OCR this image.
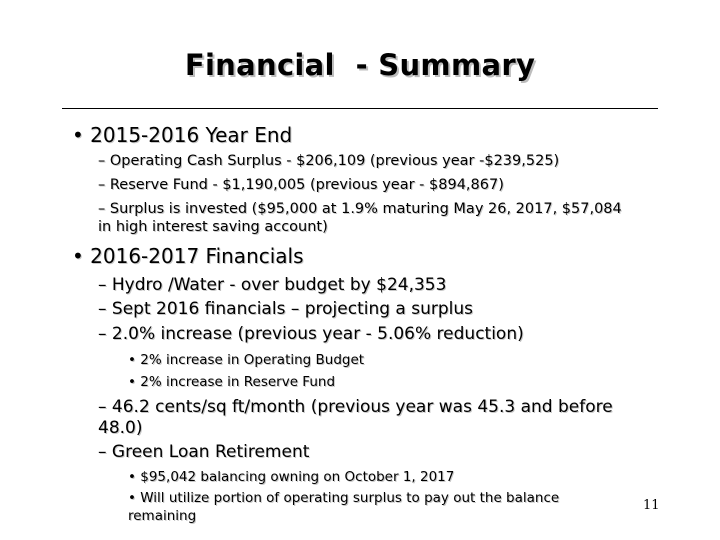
Financial  - Summary
• 2015-2016 Year End
– Operating Cash Surplus - $206,109 (previous year -$239,525)
– Reserve Fund - $1,190,005 (previous year - $894,867)
– Surplus is invested ($95,000 at 1.9% maturing May 26, 2017, $57,084
in high interest saving account)
• 2016-2017 Financials
– Hydro /Water - over budget by $24,353
– Sept 2016 financials – projecting a surplus
– 2.0% increase (previous year - 5.06% reduction)
• 2% increase in Operating Budget
• 2% increase in Reserve Fund
– 46.2 cents/sq ft/month (previous year was 45.3 and before
48.0)
– Green Loan Retirement
• $95,042 balancing owning on October 1, 2017
• Will utilize portion of operating surplus to pay out the balance
remaining
11
